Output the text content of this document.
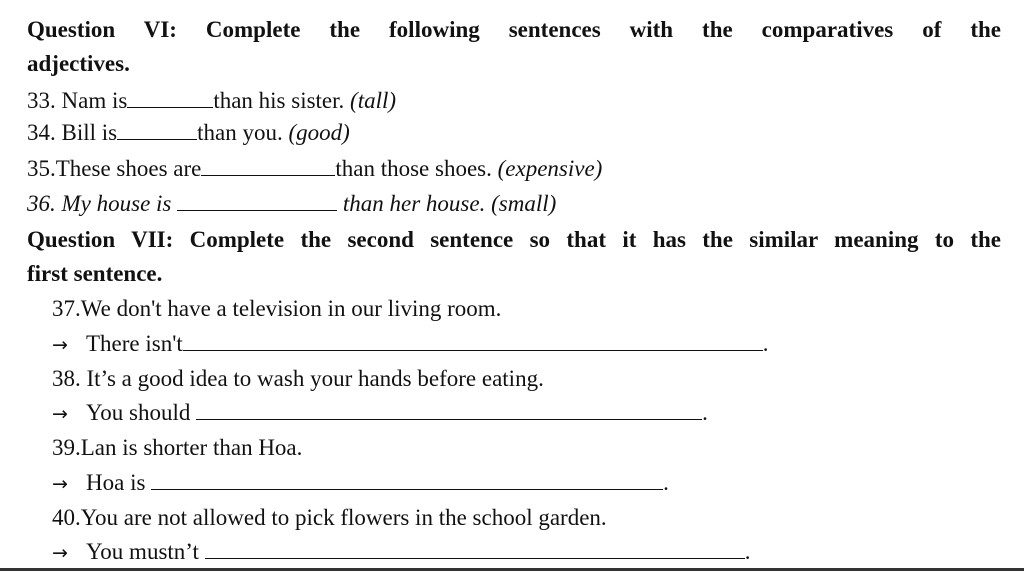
Question VI: Complete the following sentences with the comparatives of the
adjectives.
33. Nam is	than his sister. (tall)
34. Bill is	than you. (good)
35.These shoes are	than those shoes. (expensive)
36. My house is	than her house. (small)
Question VII: Complete the second sentence so that it has the similar meaning to the
first sentence.
37.We don't have a television in our living room.
→ There isn't	.
38. It’s a good idea to wash your hands before eating.
→ You should	.
39.Lan is shorter than Hoa.
→ Hoa is	.
40.You are not allowed to pick flowers in the school garden.
→ You mustn’t	.
